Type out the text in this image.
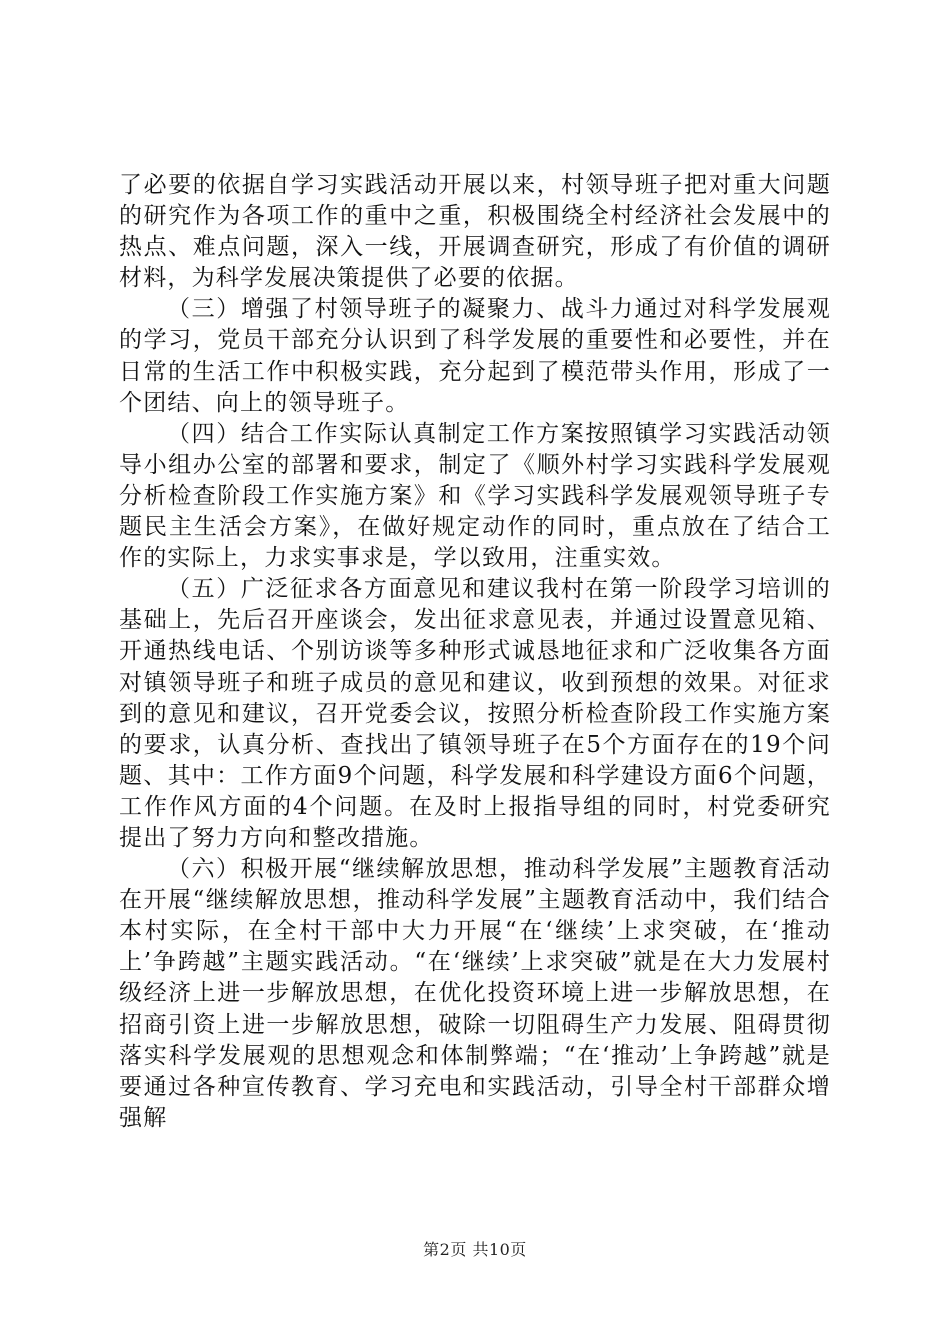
了必要的依据自学习实践活动开展以来，村领导班子把对重大问题的研究作为各项工作的重中之重，积极围绕全村经济社会发展中的热点、难点问题，深入一线，开展调查研究，形成了有价值的调研材料，为科学发展决策提供了必要的依据。

（三）增强了村领导班子的凝聚力、战斗力通过对科学发展观的学习，党员干部充分认识到了科学发展的重要性和必要性，并在日常的生活工作中积极实践，充分起到了模范带头作用，形成了一个团结、向上的领导班子。

（四）结合工作实际认真制定工作方案按照镇学习实践活动领导小组办公室的部署和要求，制定了《顺外村学习实践科学发展观分析检查阶段工作实施方案》和《学习实践科学发展观领导班子专题民主生活会方案》，在做好规定动作的同时，重点放在了结合工作的实际上，力求实事求是，学以致用，注重实效。

（五）广泛征求各方面意见和建议我村在第一阶段学习培训的基础上，先后召开座谈会，发出征求意见表，并通过设置意见箱、开通热线电话、个别访谈等多种形式诚恳地征求和广泛收集各方面对镇领导班子和班子成员的意见和建议，收到预想的效果。对征求到的意见和建议，召开党委会议，按照分析检查阶段工作实施方案的要求，认真分析、查找出了镇领导班子在5个方面存在的19个问题、其中：工作方面9个问题，科学发展和科学建设方面6个问题，工作作风方面的4个问题。在及时上报指导组的同时，村党委研究提出了努力方向和整改措施。

（六）积极开展“继续解放思想，推动科学发展”主题教育活动在开展“继续解放思想，推动科学发展”主题教育活动中，我们结合本村实际，在全村干部中大力开展“在‘继续’上求突破，在‘推动上’争跨越”主题实践活动。“在‘继续’上求突破”就是在大力发展村级经济上进一步解放思想，在优化投资环境上进一步解放思想，在招商引资上进一步解放思想，破除一切阻碍生产力发展、阻碍贯彻落实科学发展观的思想观念和体制弊端；“在‘推动’上争跨越”就是要通过各种宣传教育、学习充电和实践活动，引导全村干部群众增强解

第2页 共10页
